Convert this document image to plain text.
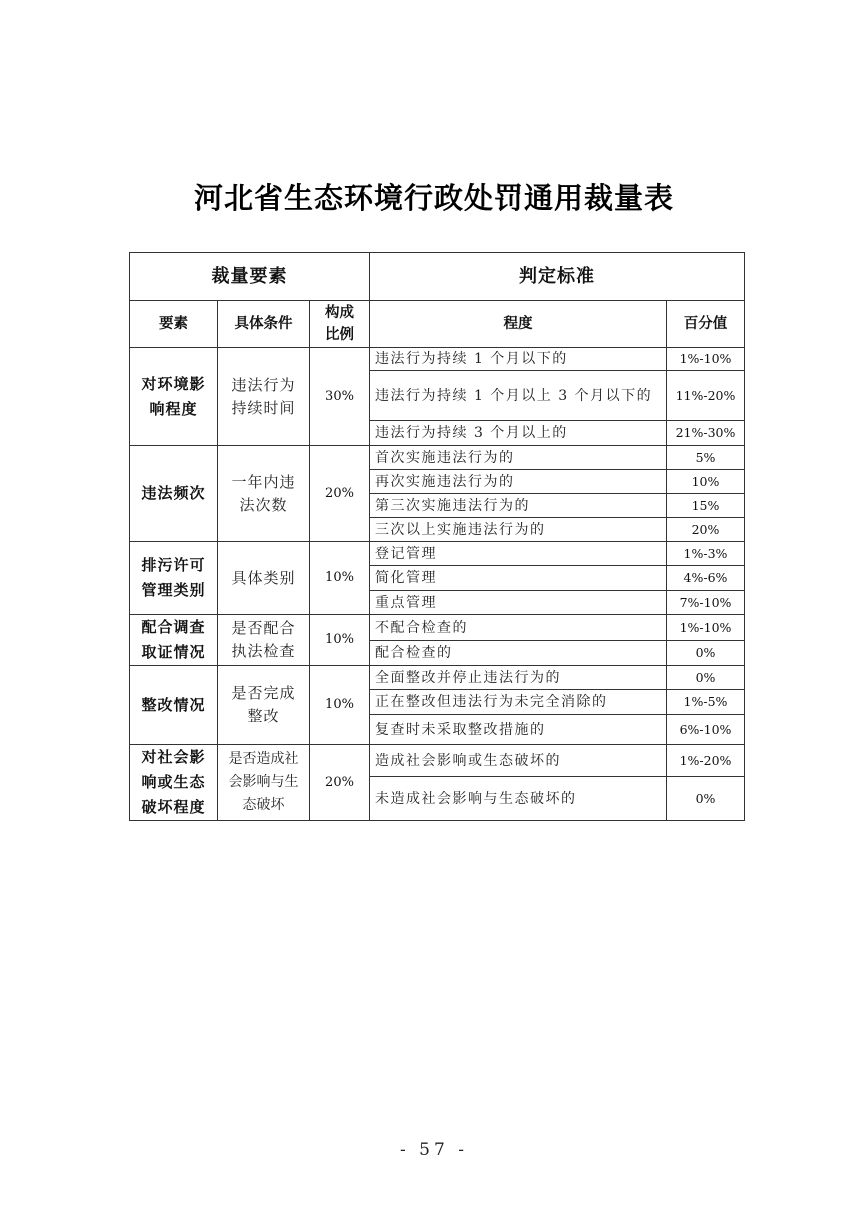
河北省生态环境行政处罚通用裁量表
裁量要素			判定标准	
要素	具体条件	构成比例	程度	百分值
对环境影响程度	违法行为持续时间	30%	违法行为持续 1 个月以下的	1%-10%
			违法行为持续 1 个月以上 3 个月以下的	11%-20%
			违法行为持续 3 个月以上的	21%-30%
违法频次	一年内违法次数	20%	首次实施违法行为的	5%
			再次实施违法行为的	10%
			第三次实施违法行为的	15%
			三次以上实施违法行为的	20%
排污许可管理类别	具体类别	10%	登记管理	1%-3%
			简化管理	4%-6%
			重点管理	7%-10%
配合调查取证情况	是否配合执法检查	10%	不配合检查的	1%-10%
			配合检查的	0%
整改情况	是否完成整改	10%	全面整改并停止违法行为的	0%
			正在整改但违法行为未完全消除的	1%-5%
			复查时未采取整改措施的	6%-10%
对社会影响或生态破坏程度	是否造成社会影响与生态破坏	20%	造成社会影响或生态破坏的	1%-20%
			未造成社会影响与生态破坏的	0%
- 57 -
